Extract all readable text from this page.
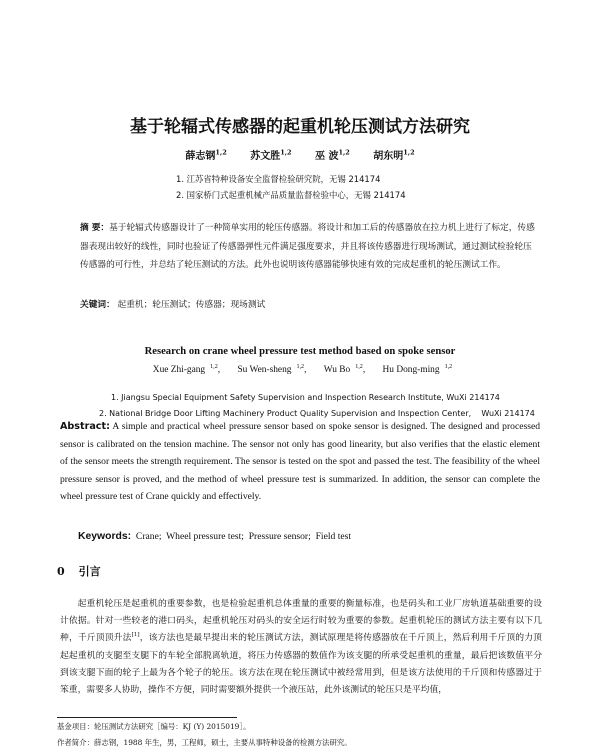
基于轮辐式传感器的起重机轮压测试方法研究
薛志钢$^{1,2}$ 苏文胜$^{1,2}$ 巫 波$^{1,2}$ 胡东明$^{1,2}$
1. 江苏省特种设备安全监督检验研究院，无锡 214174
2. 国家桥门式起重机械产品质量监督检验中心，无锡 214174
摘 要：基于轮辐式传感器设计了一种简单实用的轮压传感器。将设计和加工后的传感器放在拉力机上进行了标定，传感器表现出较好的线性，同时也验证了传感器弹性元件满足强度要求，并且将该传感器进行现场测试，通过测试检验轮压传感器的可行性，并总结了轮压测试的方法。此外也说明该传感器能够快速有效的完成起重机的轮压测试工作。
关键词： 起重机；轮压测试；传感器；现场测试
Research on crane wheel pressure test method based on spoke sensor
Xue Zhi-gang $^{1,2}$, Su Wen-sheng $^{1,2}$, Wu Bo $^{1,2}$, Hu Dong-ming $^{1,2}$
1. Jiangsu Special Equipment Safety Supervision and Inspection Research Institute, WuXi 214174
2. National Bridge Door Lifting Machinery Product Quality Supervision and Inspection Center,    WuXi 214174
Abstract: A simple and practical wheel pressure sensor based on spoke sensor is designed. The designed and processed sensor is calibrated on the tension machine. The sensor not only has good linearity, but also verifies that the elastic element of the sensor meets the strength requirement. The sensor is tested on the spot and passed the test. The feasibility of the wheel pressure sensor is proved, and the method of wheel pressure test is summarized. In addition, the sensor can complete the wheel pressure test of Crane quickly and effectively.
Keywords: Crane;  Wheel pressure test;  Pressure sensor;  Field test
0 引言
起重机轮压是起重机的重要参数，也是检验起重机总体重量的重要的衡量标准，也是码头和工业厂房轨道基础重要的设计依据。针对一些较老的港口码头，起重机轮压对码头的安全运行时较为重要的参数。起重机轮压的测试方法主要有以下几种，千斤顶顶升法[1]，该方法也是最早提出来的轮压测试方法，测试原理是将传感器放在千斤顶上，然后利用千斤顶的力顶起起重机的支腿至支腿下的车轮全部脱离轨道，将压力传感器的数值作为该支腿的所承受起重机的重量，最后把该数值平分到该支腿下面的轮子上最为各个轮子的轮压。该方法在现在轮压测试中被经常用到，但是该方法使用的千斤顶和传感器过于笨重，需要多人协助，操作不方便，同时需要额外提供一个液压站，此外该测试的轮压只是平均值，
基金项目：轮压测试方法研究［编号：KJ (Y) 2015019］。
作者简介：薛志钢，1988 年生，男，工程师，硕士，主要从事特种设备的检测方法研究。
